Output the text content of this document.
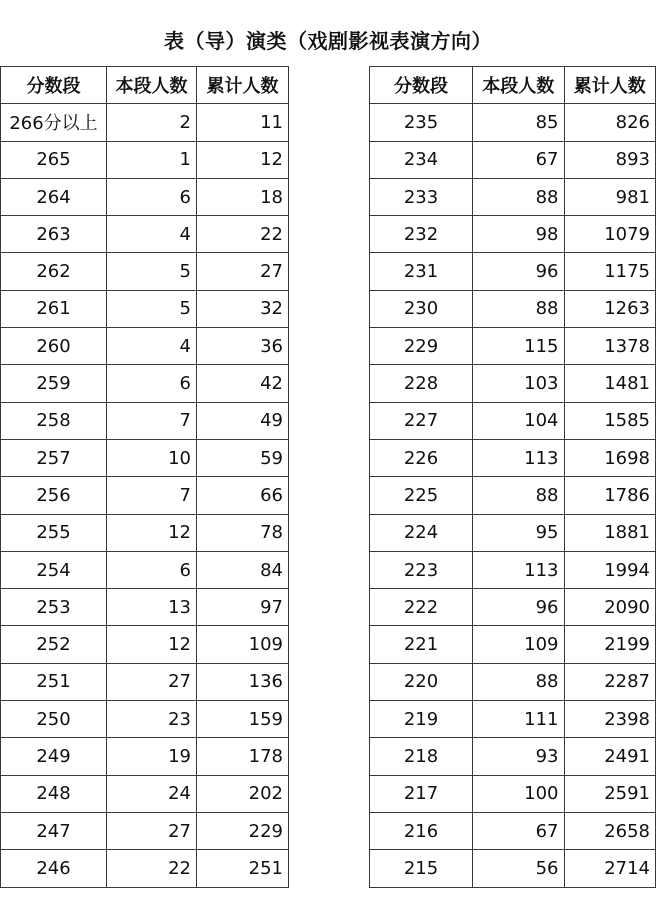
表（导）演类（戏剧影视表演方向）
分数段	本段人数	累计人数
266分以上	2	11
265	1	12
264	6	18
263	4	22
262	5	27
261	5	32
260	4	36
259	6	42
258	7	49
257	10	59
256	7	66
255	12	78
254	6	84
253	13	97
252	12	109
251	27	136
250	23	159
249	19	178
248	24	202
247	27	229
246	22	251
分数段	本段人数	累计人数
235	85	826
234	67	893
233	88	981
232	98	1079
231	96	1175
230	88	1263
229	115	1378
228	103	1481
227	104	1585
226	113	1698
225	88	1786
224	95	1881
223	113	1994
222	96	2090
221	109	2199
220	88	2287
219	111	2398
218	93	2491
217	100	2591
216	67	2658
215	56	2714
